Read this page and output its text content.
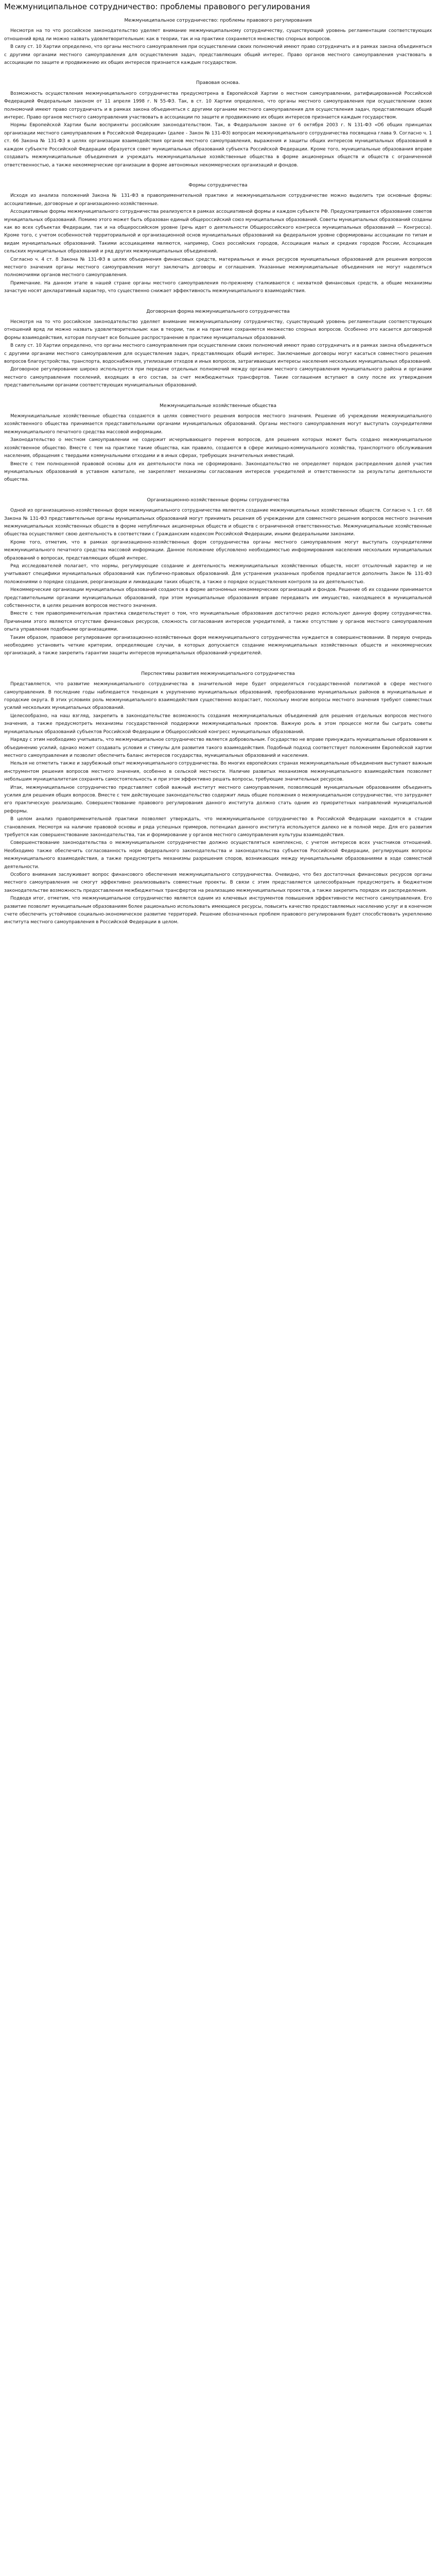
Межмуниципальное сотрудничество: проблемы правового регулирования
Межмуниципальное сотрудничество: проблемы правового регулирования

Несмотря на то что российское законодательство уделяет внимание межмуниципальному сотрудничеству, существующий уровень регламентации соответствующих отношений вряд ли можно назвать удовлетворительным: как в теории, так и на практике сохраняется множество спорных вопросов.

В силу ст. 10 Хартии определено, что органы местного самоуправления при осуществлении своих полномочий имеют право сотрудничать и в рамках закона объединяться с другими органами местного самоуправления для осуществления задач, представляющих общий интерес. Право органов местного самоуправления участвовать в ассоциации по защите и продвижению их общих интересов признается каждым государством.

Правовая основа.

Возможность осуществления межмуниципального сотрудничества предусмотрена в Европейской Хартии о местном самоуправлении, ратифицированной Российской Федерацией Федеральным законом от 11 апреля 1998 г. N 55-ФЗ. Так, в ст. 10 Хартии определено, что органы местного самоуправления при осуществлении своих полномочий имеют право сотрудничать и в рамках закона объединяться с другими органами местного самоуправления для осуществления задач, представляющих общий интерес. Право органов местного самоуправления участвовать в ассоциации по защите и продвижению их общих интересов признается каждым государством.

Нормы Европейской Хартии были восприняты российским законодательством. Так, в Федеральном законе от 6 октября 2003 г. N 131-ФЗ «Об общих принципах организации местного самоуправления в Российской Федерации» (далее - Закон № 131-ФЗ) вопросам межмуниципального сотрудничества посвящена глава 9. Согласно ч. 1 ст. 66 Закона № 131-ФЗ в целях организации взаимодействия органов местного самоуправления, выражения и защиты общих интересов муниципальных образований в каждом субъекте Российской Федерации образуется совет муниципальных образований субъекта Российской Федерации. Кроме того, муниципальные образования вправе создавать межмуниципальные объединения и учреждать межмуниципальные хозяйственные общества в форме акционерных обществ и обществ с ограниченной ответственностью, а также некоммерческие организации в форме автономных некоммерческих организаций и фондов.

Формы сотрудничества

Исходя из анализа положений Закона № 131-ФЗ в правоприменительной практике и межмуниципальном сотрудничестве можно выделить три основные формы: ассоциативные, договорные и организационно-хозяйственные.

Ассоциативные формы межмуниципального сотрудничества реализуются в рамках ассоциативной формы и каждом субъекте РФ. Предусматривается образование советов муниципальных образований. Помимо этого может быть образован единый общероссийский союз муниципальных образований. Советы муниципальных образований созданы как во всех субъектах Федерации, так и на общероссийском уровне (речь идет о деятельности Общероссийского конгресса муниципальных образований — Конгресса). Кроме того, с учетом особенностей территориальной и организационной основ муниципальных образований на федеральном уровне сформированы ассоциации по типам и видам муниципальных образований. Такими ассоциациями являются, например, Союз российских городов, Ассоциация малых и средних городов России, Ассоциация сельских муниципальных образований и ряд других межмуниципальных объединений.

Согласно ч. 4 ст. 8 Закона № 131-ФЗ в целях объединения финансовых средств, материальных и иных ресурсов муниципальных образований для решения вопросов местного значения органы местного самоуправления могут заключать договоры и соглашения. Указанные межмуниципальные объединения не могут наделяться полномочиями органов местного самоуправления.

Примечание. На данном этапе в нашей стране органы местного самоуправления по-прежнему сталкиваются с нехваткой финансовых средств, а общие механизмы зачастую носят декларативный характер, что существенно снижает эффективность межмуниципального взаимодействия.

Договорная форма межмуниципального сотрудничества

Несмотря на то что российское законодательство уделяет внимание межмуниципальному сотрудничеству, существующий уровень регламентации соответствующих отношений вряд ли можно назвать удовлетворительным: как в теории, так и на практике сохраняется множество спорных вопросов. Особенно это касается договорной формы взаимодействия, которая получает все большее распространение в практике муниципальных образований.

В силу ст. 10 Хартии определено, что органы местного самоуправления при осуществлении своих полномочий имеют право сотрудничать и в рамках закона объединяться с другими органами местного самоуправления для осуществления задач, представляющих общий интерес. Заключаемые договоры могут касаться совместного решения вопросов благоустройства, транспорта, водоснабжения, утилизации отходов и иных вопросов, затрагивающих интересы населения нескольких муниципальных образований.

Договорное регулирование широко используется при передаче отдельных полномочий между органами местного самоуправления муниципального района и органами местного самоуправления поселений, входящих в его состав, за счет межбюджетных трансфертов. Такие соглашения вступают в силу после их утверждения представительными органами соответствующих муниципальных образований.

Межмуниципальные хозяйственные общества

Межмуниципальные хозяйственные общества создаются в целях совместного решения вопросов местного значения. Решение об учреждении межмуниципального хозяйственного общества принимается представительными органами муниципальных образований. Органы местного самоуправления могут выступать соучредителями межмуниципального печатного средства массовой информации.

Законодательство о местном самоуправлении не содержит исчерпывающего перечня вопросов, для решения которых может быть создано межмуниципальное хозяйственное общество. Вместе с тем на практике такие общества, как правило, создаются в сфере жилищно-коммунального хозяйства, транспортного обслуживания населения, обращения с твердыми коммунальными отходами и в иных сферах, требующих значительных инвестиций.

Вместе с тем полноценной правовой основы для их деятельности пока не сформировано. Законодательство не определяет порядок распределения долей участия муниципальных образований в уставном капитале, не закрепляет механизмы согласования интересов учредителей и ответственности за результаты деятельности общества.

Организационно-хозяйственные формы сотрудничества

Одной из организационно-хозяйственных форм межмуниципального сотрудничества является создание межмуниципальных хозяйственных обществ. Согласно ч. 1 ст. 68 Закона № 131-ФЗ представительные органы муниципальных образований могут принимать решения об учреждении для совместного решения вопросов местного значения межмуниципальных хозяйственных обществ в форме непубличных акционерных обществ и обществ с ограниченной ответственностью. Межмуниципальные хозяйственные общества осуществляют свою деятельность в соответствии с Гражданским кодексом Российской Федерации, иными федеральными законами.

Кроме того, отметим, что в рамках организационно-хозяйственных форм сотрудничества органы местного самоуправления могут выступать соучредителями межмуниципального печатного средства массовой информации. Данное положение обусловлено необходимостью информирования населения нескольких муниципальных образований о вопросах, представляющих общий интерес.

Ряд исследователей полагает, что нормы, регулирующие создание и деятельность межмуниципальных хозяйственных обществ, носят отсылочный характер и не учитывают специфики муниципальных образований как публично-правовых образований. Для устранения указанных пробелов предлагается дополнить Закон № 131-ФЗ положениями о порядке создания, реорганизации и ликвидации таких обществ, а также о порядке осуществления контроля за их деятельностью.

Некоммерческие организации муниципальных образований создаются в форме автономных некоммерческих организаций и фондов. Решение об их создании принимается представительными органами муниципальных образований, при этом муниципальные образования вправе передавать им имущество, находящееся в муниципальной собственности, в целях решения вопросов местного значения.

Вместе с тем правоприменительная практика свидетельствует о том, что муниципальные образования достаточно редко используют данную форму сотрудничества. Причинами этого являются отсутствие финансовых ресурсов, сложность согласования интересов учредителей, а также отсутствие у органов местного самоуправления опыта управления подобными организациями.

Таким образом, правовое регулирование организационно-хозяйственных форм межмуниципального сотрудничества нуждается в совершенствовании. В первую очередь необходимо установить четкие критерии, определяющие случаи, в которых допускается создание межмуниципальных хозяйственных обществ и некоммерческих организаций, а также закрепить гарантии защиты интересов муниципальных образований-учредителей.

Перспективы развития межмуниципального сотрудничества

Представляется, что развитие межмуниципального сотрудничества в значительной мере будет определяться государственной политикой в сфере местного самоуправления. В последние годы наблюдается тенденция к укрупнению муниципальных образований, преобразованию муниципальных районов в муниципальные и городские округа. В этих условиях роль межмуниципального взаимодействия существенно возрастает, поскольку многие вопросы местного значения требуют совместных усилий нескольких муниципальных образований.

Целесообразно, на наш взгляд, закрепить в законодательстве возможность создания межмуниципальных объединений для решения отдельных вопросов местного значения, а также предусмотреть механизмы государственной поддержки межмуниципальных проектов. Важную роль в этом процессе могли бы сыграть советы муниципальных образований субъектов Российской Федерации и Общероссийский конгресс муниципальных образований.

Наряду с этим необходимо учитывать, что межмуниципальное сотрудничество является добровольным. Государство не вправе принуждать муниципальные образования к объединению усилий, однако может создавать условия и стимулы для развития такого взаимодействия. Подобный подход соответствует положениям Европейской хартии местного самоуправления и позволит обеспечить баланс интересов государства, муниципальных образований и населения.

Нельзя не отметить также и зарубежный опыт межмуниципального сотрудничества. Во многих европейских странах межмуниципальные объединения выступают важным инструментом решения вопросов местного значения, особенно в сельской местности. Наличие развитых механизмов межмуниципального взаимодействия позволяет небольшим муниципалитетам сохранять самостоятельность и при этом эффективно решать вопросы, требующие значительных ресурсов.

Итак, межмуниципальное сотрудничество представляет собой важный институт местного самоуправления, позволяющий муниципальным образованиям объединять усилия для решения общих вопросов. Вместе с тем действующее законодательство содержит лишь общие положения о межмуниципальном сотрудничестве, что затрудняет его практическую реализацию. Совершенствование правового регулирования данного института должно стать одним из приоритетных направлений муниципальной реформы.

В целом анализ правоприменительной практики позволяет утверждать, что межмуниципальное сотрудничество в Российской Федерации находится в стадии становления. Несмотря на наличие правовой основы и ряда успешных примеров, потенциал данного института используется далеко не в полной мере. Для его развития требуется как совершенствование законодательства, так и формирование у органов местного самоуправления культуры взаимодействия.

Совершенствование законодательства о межмуниципальном сотрудничестве должно осуществляться комплексно, с учетом интересов всех участников отношений. Необходимо также обеспечить согласованность норм федерального законодательства и законодательства субъектов Российской Федерации, регулирующих вопросы межмуниципального взаимодействия, а также предусмотреть механизмы разрешения споров, возникающих между муниципальными образованиями в ходе совместной деятельности.

Особого внимания заслуживает вопрос финансового обеспечения межмуниципального сотрудничества. Очевидно, что без достаточных финансовых ресурсов органы местного самоуправления не смогут эффективно реализовывать совместные проекты. В связи с этим представляется целесообразным предусмотреть в бюджетном законодательстве возможность предоставления межбюджетных трансфертов на реализацию межмуниципальных проектов, а также закрепить порядок их распределения.

Подводя итог, отметим, что межмуниципальное сотрудничество является одним из ключевых инструментов повышения эффективности местного самоуправления. Его развитие позволит муниципальным образованиям более рационально использовать имеющиеся ресурсы, повысить качество предоставляемых населению услуг и в конечном счете обеспечить устойчивое социально-экономическое развитие территорий. Решение обозначенных проблем правового регулирования будет способствовать укреплению института местного самоуправления в Российской Федерации в целом.
